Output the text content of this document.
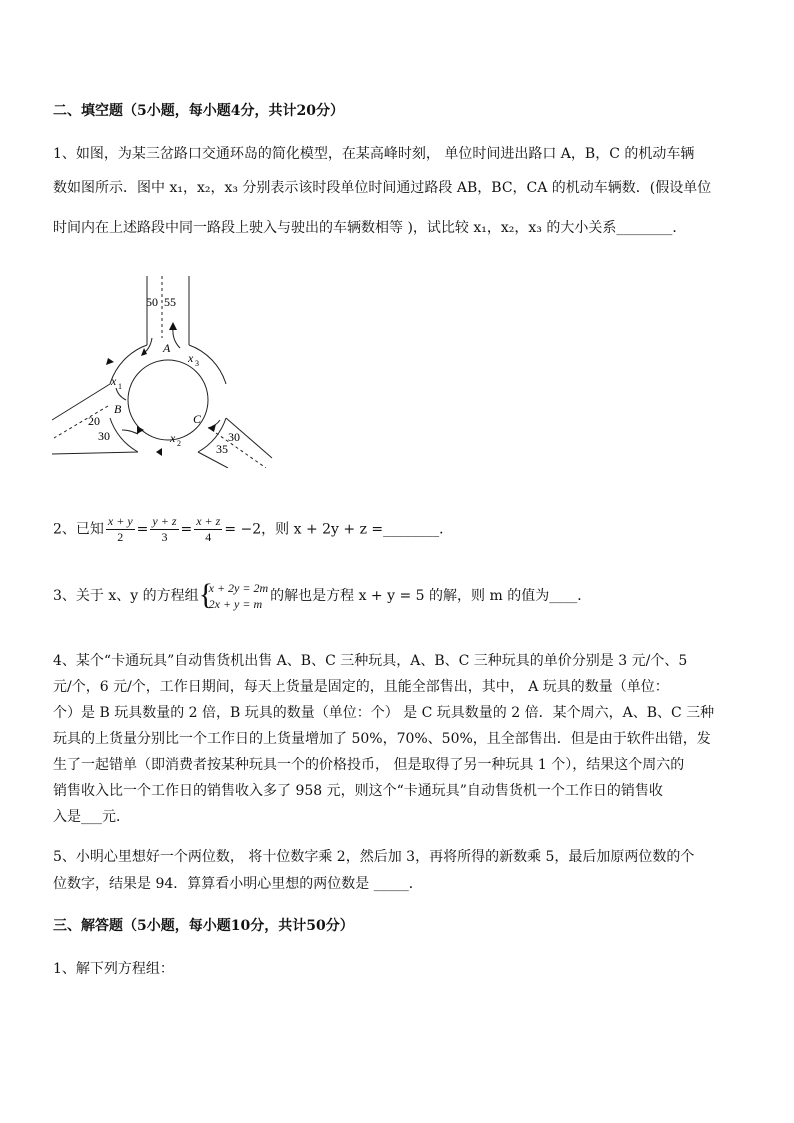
二、填空题（5小题，每小题4分，共计20分）
1、如图，为某三岔路口交通环岛的简化模型，在某高峰时刻， 单位时间进出路口 A，B，C 的机动车辆
数如图所示．图中 x₁，x₂，x₃ 分别表示该时段单位时间通过路段 AB，BC，CA 的机动车辆数．(假设单位
时间内在上述路段中同一路段上驶入与驶出的车辆数相等 )，试比较 x₁，x₂，x₃ 的大小关系________．
50 55
A
x 3
x 1
B
20
30	x 2
C
30
35
2、已知 $\frac{x + y}{2} = \frac{y + z}{3} = \frac{x + z}{4} = -2$，则 x + 2y + z =________．
3、关于 x、y 的方程组
{ x + 2y = 2m
2x + y = m 的解也是方程 x + y = 5 的解，则 m 的值为____．
4、某个“卡通玩具”自动售货机出售 A、B、C 三种玩具，A、B、C 三种玩具的单价分别是 3 元/个、5
元/个，6 元/个，工作日期间，每天上货量是固定的，且能全部售出，其中， A 玩具的数量（单位：
个）是 B 玩具数量的 2 倍，B 玩具的数量（单位：个） 是 C 玩具数量的 2 倍．某个周六，A、B、C 三种
玩具的上货量分别比一个工作日的上货量增加了 50%，70%、50%，且全部售出．但是由于软件出错，发
生了一起错单（即消费者按某种玩具一个的价格投币， 但是取得了另一种玩具 1 个），结果这个周六的
销售收入比一个工作日的销售收入多了 958 元，则这个“卡通玩具”自动售货机一个工作日的销售收
入是___元．
5、小明心里想好一个两位数， 将十位数字乘 2，然后加 3，再将所得的新数乘 5，最后加原两位数的个
位数字，结果是 94．算算看小明心里想的两位数是 _____．
三、解答题（5小题，每小题10分，共计50分）
1、解下列方程组：
